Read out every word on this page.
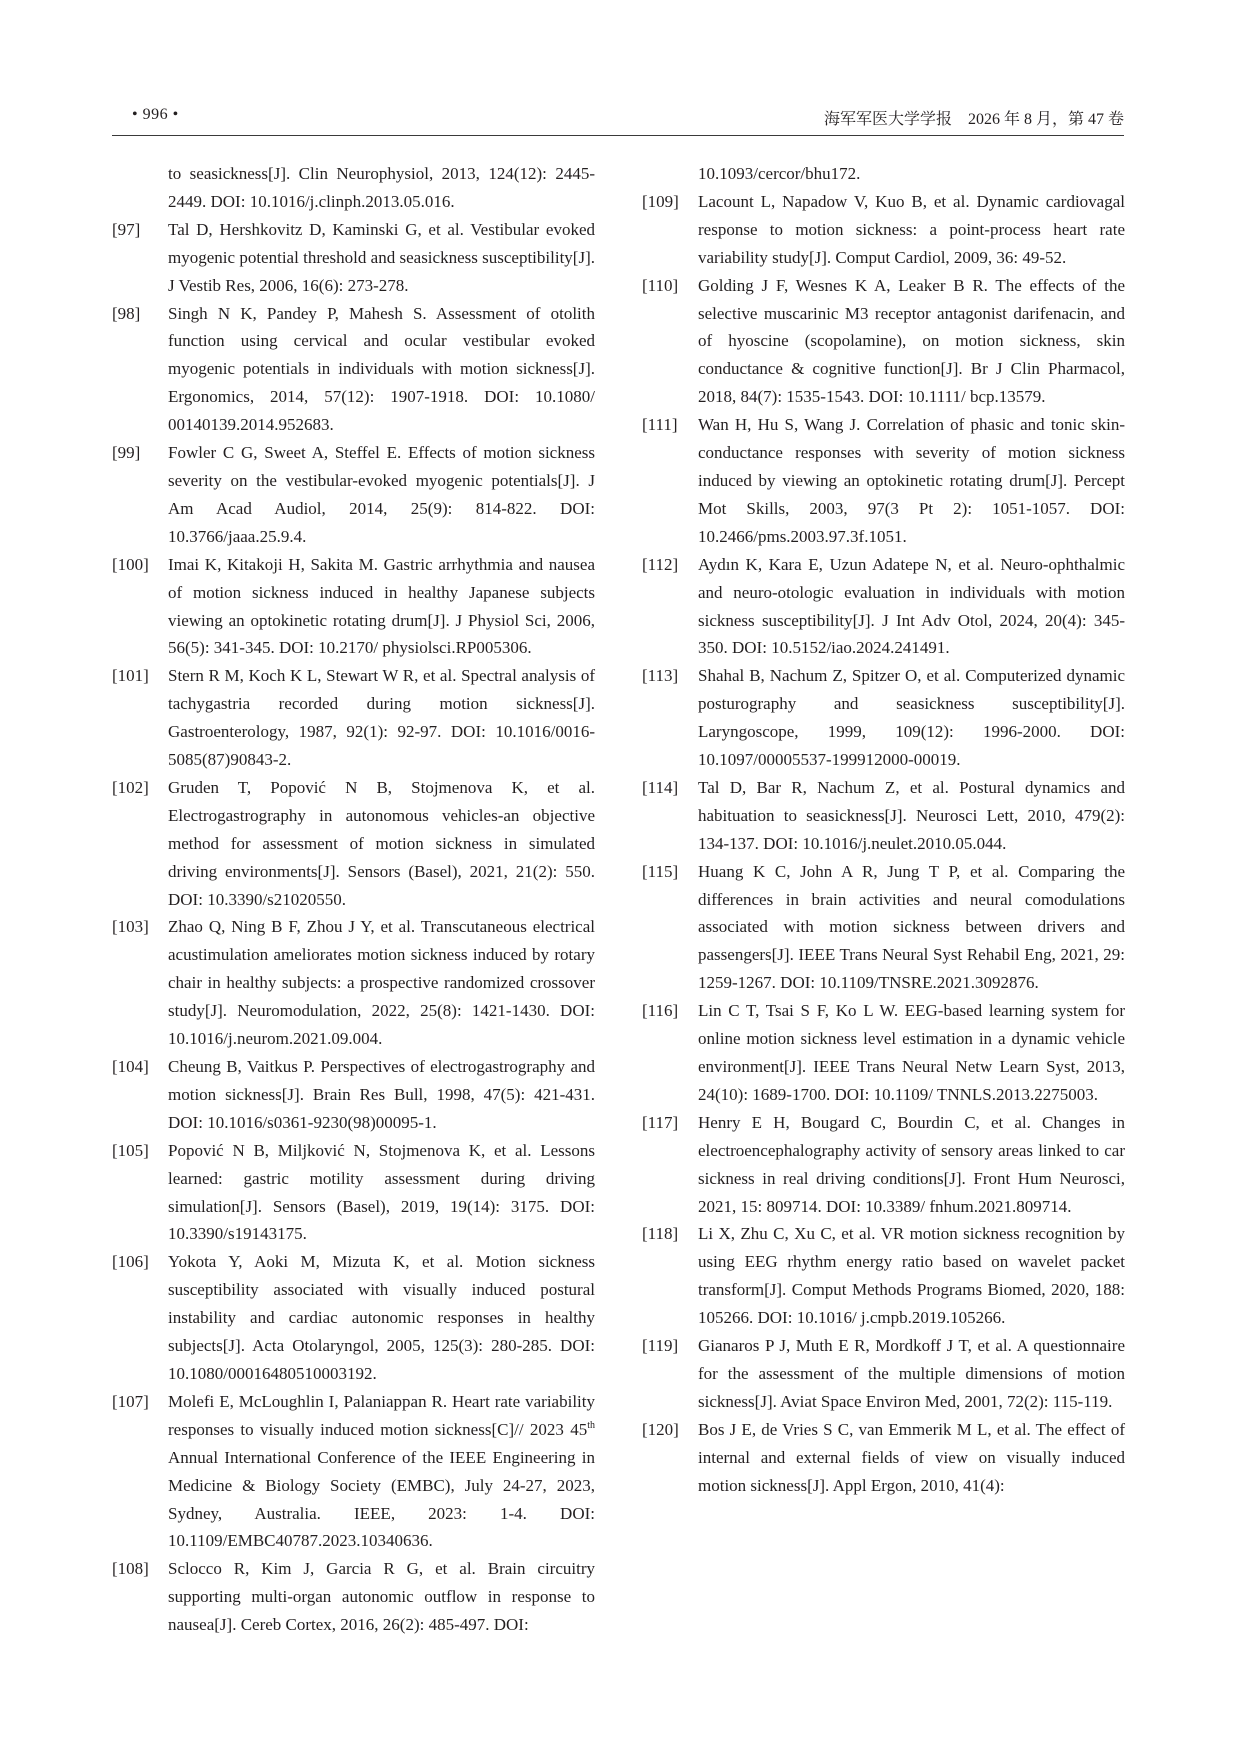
• 996 •	海军军医大学学报　2026 年 8 月，第 47 卷
to seasickness[J]. Clin Neurophysiol, 2013, 124(12): 2445-2449. DOI: 10.1016/j.clinph.2013.05.016.
[97] Tal D, Hershkovitz D, Kaminski G, et al. Vestibular evoked myogenic potential threshold and seasickness susceptibility[J]. J Vestib Res, 2006, 16(6): 273-278.
[98] Singh N K, Pandey P, Mahesh S. Assessment of otolith function using cervical and ocular vestibular evoked myogenic potentials in individuals with motion sickness[J]. Ergonomics, 2014, 57(12): 1907-1918. DOI: 10.1080/ 00140139.2014.952683.
[99] Fowler C G, Sweet A, Steffel E. Effects of motion sickness severity on the vestibular-evoked myogenic potentials[J]. J Am Acad Audiol, 2014, 25(9): 814-822. DOI: 10.3766/jaaa.25.9.4.
[100] Imai K, Kitakoji H, Sakita M. Gastric arrhythmia and nausea of motion sickness induced in healthy Japanese subjects viewing an optokinetic rotating drum[J]. J Physiol Sci, 2006, 56(5): 341-345. DOI: 10.2170/ physiolsci.RP005306.
[101] Stern R M, Koch K L, Stewart W R, et al. Spectral analysis of tachygastria recorded during motion sickness[J]. Gastroenterology, 1987, 92(1): 92-97. DOI: 10.1016/0016-5085(87)90843-2.
[102] Gruden T, Popović N B, Stojmenova K, et al. Electrogastrography in autonomous vehicles-an objective method for assessment of motion sickness in simulated driving environments[J]. Sensors (Basel), 2021, 21(2): 550. DOI: 10.3390/s21020550.
[103] Zhao Q, Ning B F, Zhou J Y, et al. Transcutaneous electrical acustimulation ameliorates motion sickness induced by rotary chair in healthy subjects: a prospective randomized crossover study[J]. Neuromodulation, 2022, 25(8): 1421-1430. DOI: 10.1016/j.neurom.2021.09.004.
[104] Cheung B, Vaitkus P. Perspectives of electrogastrography and motion sickness[J]. Brain Res Bull, 1998, 47(5): 421-431. DOI: 10.1016/s0361-9230(98)00095-1.
[105] Popović N B, Miljković N, Stojmenova K, et al. Lessons learned: gastric motility assessment during driving simulation[J]. Sensors (Basel), 2019, 19(14): 3175. DOI: 10.3390/s19143175.
[106] Yokota Y, Aoki M, Mizuta K, et al. Motion sickness susceptibility associated with visually induced postural instability and cardiac autonomic responses in healthy subjects[J]. Acta Otolaryngol, 2005, 125(3): 280-285. DOI: 10.1080/00016480510003192.
[107] Molefi E, McLoughlin I, Palaniappan R. Heart rate variability responses to visually induced motion sickness[C]// 2023 45th Annual International Conference of the IEEE Engineering in Medicine & Biology Society (EMBC), July 24-27, 2023, Sydney, Australia. IEEE, 2023: 1-4. DOI: 10.1109/EMBC40787.2023.10340636.
[108] Sclocco R, Kim J, Garcia R G, et al. Brain circuitry supporting multi-organ autonomic outflow in response to nausea[J]. Cereb Cortex, 2016, 26(2): 485-497. DOI:
10.1093/cercor/bhu172.
[109] Lacount L, Napadow V, Kuo B, et al. Dynamic cardiovagal response to motion sickness: a point-process heart rate variability study[J]. Comput Cardiol, 2009, 36: 49-52.
[110] Golding J F, Wesnes K A, Leaker B R. The effects of the selective muscarinic M3 receptor antagonist darifenacin, and of hyoscine (scopolamine), on motion sickness, skin conductance & cognitive function[J]. Br J Clin Pharmacol, 2018, 84(7): 1535-1543. DOI: 10.1111/ bcp.13579.
[111] Wan H, Hu S, Wang J. Correlation of phasic and tonic skin-conductance responses with severity of motion sickness induced by viewing an optokinetic rotating drum[J]. Percept Mot Skills, 2003, 97(3 Pt 2): 1051-1057. DOI: 10.2466/pms.2003.97.3f.1051.
[112] Aydın K, Kara E, Uzun Adatepe N, et al. Neuro-ophthalmic and neuro-otologic evaluation in individuals with motion sickness susceptibility[J]. J Int Adv Otol, 2024, 20(4): 345-350. DOI: 10.5152/iao.2024.241491.
[113] Shahal B, Nachum Z, Spitzer O, et al. Computerized dynamic posturography and seasickness susceptibility[J]. Laryngoscope, 1999, 109(12): 1996-2000. DOI: 10.1097/00005537-199912000-00019.
[114] Tal D, Bar R, Nachum Z, et al. Postural dynamics and habituation to seasickness[J]. Neurosci Lett, 2010, 479(2): 134-137. DOI: 10.1016/j.neulet.2010.05.044.
[115] Huang K C, John A R, Jung T P, et al. Comparing the differences in brain activities and neural comodulations associated with motion sickness between drivers and passengers[J]. IEEE Trans Neural Syst Rehabil Eng, 2021, 29: 1259-1267. DOI: 10.1109/TNSRE.2021.3092876.
[116] Lin C T, Tsai S F, Ko L W. EEG-based learning system for online motion sickness level estimation in a dynamic vehicle environment[J]. IEEE Trans Neural Netw Learn Syst, 2013, 24(10): 1689-1700. DOI: 10.1109/ TNNLS.2013.2275003.
[117] Henry E H, Bougard C, Bourdin C, et al. Changes in electroencephalography activity of sensory areas linked to car sickness in real driving conditions[J]. Front Hum Neurosci, 2021, 15: 809714. DOI: 10.3389/ fnhum.2021.809714.
[118] Li X, Zhu C, Xu C, et al. VR motion sickness recognition by using EEG rhythm energy ratio based on wavelet packet transform[J]. Comput Methods Programs Biomed, 2020, 188: 105266. DOI: 10.1016/ j.cmpb.2019.105266.
[119] Gianaros P J, Muth E R, Mordkoff J T, et al. A questionnaire for the assessment of the multiple dimensions of motion sickness[J]. Aviat Space Environ Med, 2001, 72(2): 115-119.
[120] Bos J E, de Vries S C, van Emmerik M L, et al. The effect of internal and external fields of view on visually induced motion sickness[J]. Appl Ergon, 2010, 41(4):
